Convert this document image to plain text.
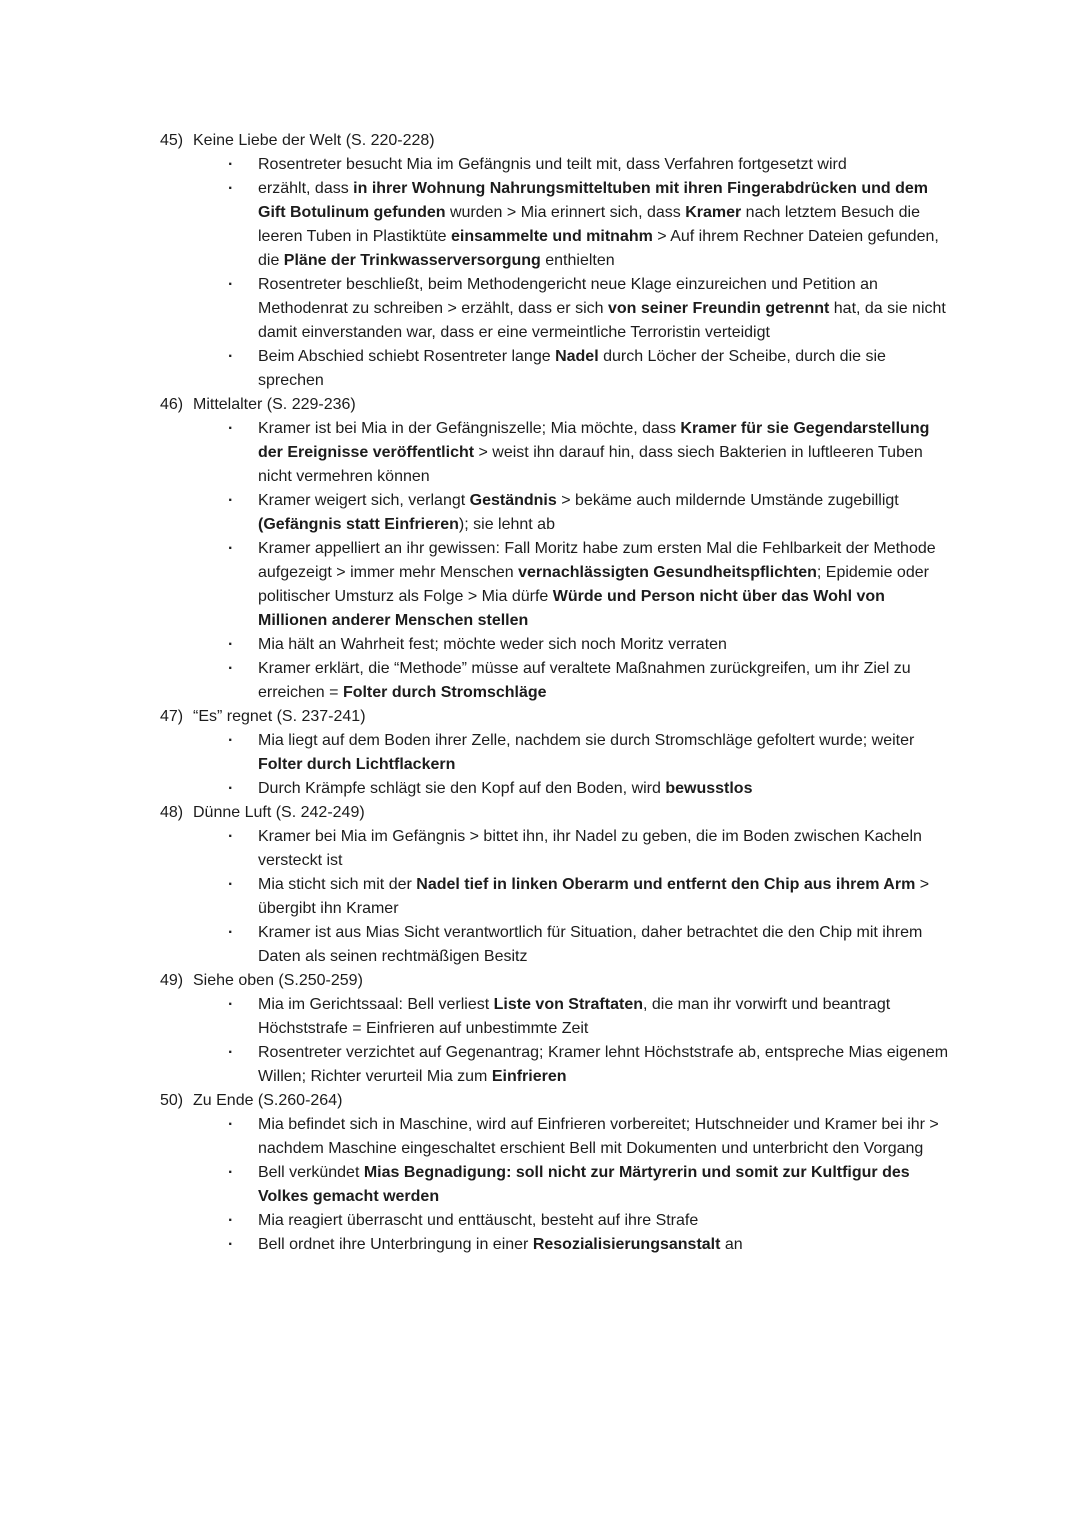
45) Keine Liebe der Welt (S. 220-228)
· Rosentreter besucht Mia im Gefängnis und teilt mit, dass Verfahren fortgesetzt wird
· erzählt, dass in ihrer Wohnung Nahrungsmitteltuben mit ihren Fingerabdrücken und dem Gift Botulinum gefunden wurden > Mia erinnert sich, dass Kramer nach letztem Besuch die leeren Tuben in Plastiktüte einsammelte und mitnahm > Auf ihrem Rechner Dateien gefunden, die Pläne der Trinkwasserversorgung enthielten
· Rosentreter beschließt, beim Methodengericht neue Klage einzureichen und Petition an Methodenrat zu schreiben > erzählt, dass er sich von seiner Freundin getrennt hat, da sie nicht damit einverstanden war, dass er eine vermeintliche Terroristin verteidigt
· Beim Abschied schiebt Rosentreter lange Nadel durch Löcher der Scheibe, durch die sie sprechen
46) Mittelalter (S. 229-236)
· Kramer ist bei Mia in der Gefängniszelle; Mia möchte, dass Kramer für sie Gegendarstellung der Ereignisse veröffentlicht > weist ihn darauf hin, dass siech Bakterien in luftleeren Tuben nicht vermehren können
· Kramer weigert sich, verlangt Geständnis > bekäme auch mildernde Umstände zugebilligt (Gefängnis statt Einfrieren); sie lehnt ab
· Kramer appelliert an ihr gewissen: Fall Moritz habe zum ersten Mal die Fehlbarkeit der Methode aufgezeigt > immer mehr Menschen vernachlässigten Gesundheitspflichten; Epidemie oder politischer Umsturz als Folge > Mia dürfe Würde und Person nicht über das Wohl von Millionen anderer Menschen stellen
· Mia hält an Wahrheit fest; möchte weder sich noch Moritz verraten
· Kramer erklärt, die “Methode” müsse auf veraltete Maßnahmen zurückgreifen, um ihr Ziel zu erreichen = Folter durch Stromschläge
47) “Es” regnet (S. 237-241)
· Mia liegt auf dem Boden ihrer Zelle, nachdem sie durch Stromschläge gefoltert wurde; weiter Folter durch Lichtflackern
· Durch Krämpfe schlägt sie den Kopf auf den Boden, wird bewusstlos
48) Dünne Luft (S. 242-249)
· Kramer bei Mia im Gefängnis > bittet ihn, ihr Nadel zu geben, die im Boden zwischen Kacheln versteckt ist
· Mia sticht sich mit der Nadel tief in linken Oberarm und entfernt den Chip aus ihrem Arm > übergibt ihn Kramer
· Kramer ist aus Mias Sicht verantwortlich für Situation, daher betrachtet die den Chip mit ihrem Daten als seinen rechtmäßigen Besitz
49) Siehe oben (S.250-259)
· Mia im Gerichtssaal: Bell verliest Liste von Straftaten, die man ihr vorwirft und beantragt Höchststrafe = Einfrieren auf unbestimmte Zeit
· Rosentreter verzichtet auf Gegenantrag; Kramer lehnt Höchststrafe ab, entspreche Mias eigenem Willen; Richter verurteil Mia zum Einfrieren
50) Zu Ende (S.260-264)
· Mia befindet sich in Maschine, wird auf Einfrieren vorbereitet; Hutschneider und Kramer bei ihr > nachdem Maschine eingeschaltet erschient Bell mit Dokumenten und unterbricht den Vorgang
· Bell verkündet Mias Begnadigung: soll nicht zur Märtyrerin und somit zur Kultfigur des Volkes gemacht werden
· Mia reagiert überrascht und enttäuscht, besteht auf ihre Strafe
· Bell ordnet ihre Unterbringung in einer Resozialisierungsanstalt an
